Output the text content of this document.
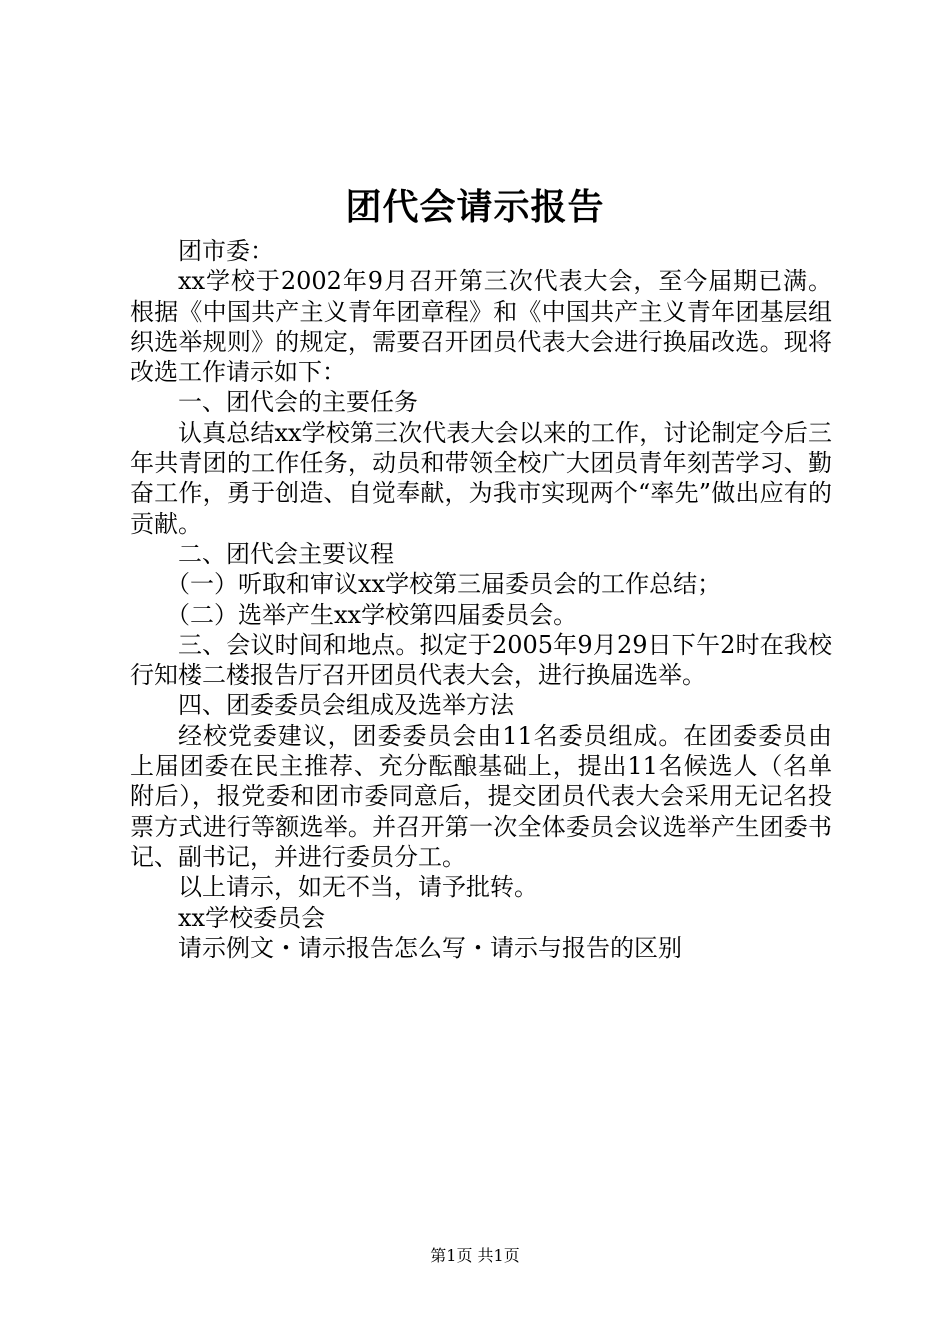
团代会请示报告

团市委：

xx学校于2002年9月召开第三次代表大会，至今届期已满。根据《中国共产主义青年团章程》和《中国共产主义青年团基层组织选举规则》的规定，需要召开团员代表大会进行换届改选。现将改选工作请示如下：

一、团代会的主要任务

认真总结xx学校第三次代表大会以来的工作，讨论制定今后三年共青团的工作任务，动员和带领全校广大团员青年刻苦学习、勤奋工作，勇于创造、自觉奉献，为我市实现两个“率先”做出应有的贡献。

二、团代会主要议程

（一）听取和审议xx学校第三届委员会的工作总结；

（二）选举产生xx学校第四届委员会。

三、会议时间和地点。拟定于2005年9月29日下午2时在我校行知楼二楼报告厅召开团员代表大会，进行换届选举。

四、团委委员会组成及选举方法

经校党委建议，团委委员会由11名委员组成。在团委委员由上届团委在民主推荐、充分酝酿基础上，提出11名候选人（名单附后），报党委和团市委同意后，提交团员代表大会采用无记名投票方式进行等额选举。并召开第一次全体委员会议选举产生团委书记、副书记，并进行委员分工。

以上请示，如无不当，请予批转。

xx学校委员会

请示例文・请示报告怎么写・请示与报告的区别

第1页 共1页
